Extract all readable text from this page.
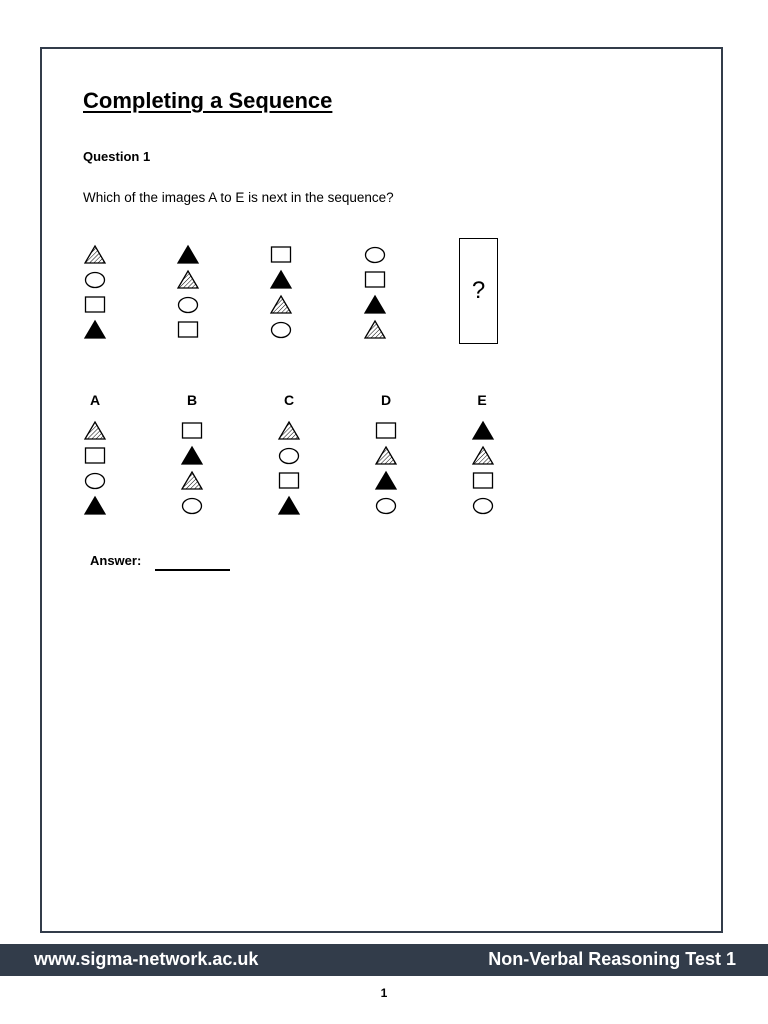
Completing a Sequence
Question 1
Which of the images A to E is next in the sequence?
?
A	B	C	D	E
Answer:
www.sigma-network.ac.uk	Non-Verbal Reasoning Test 1
1
